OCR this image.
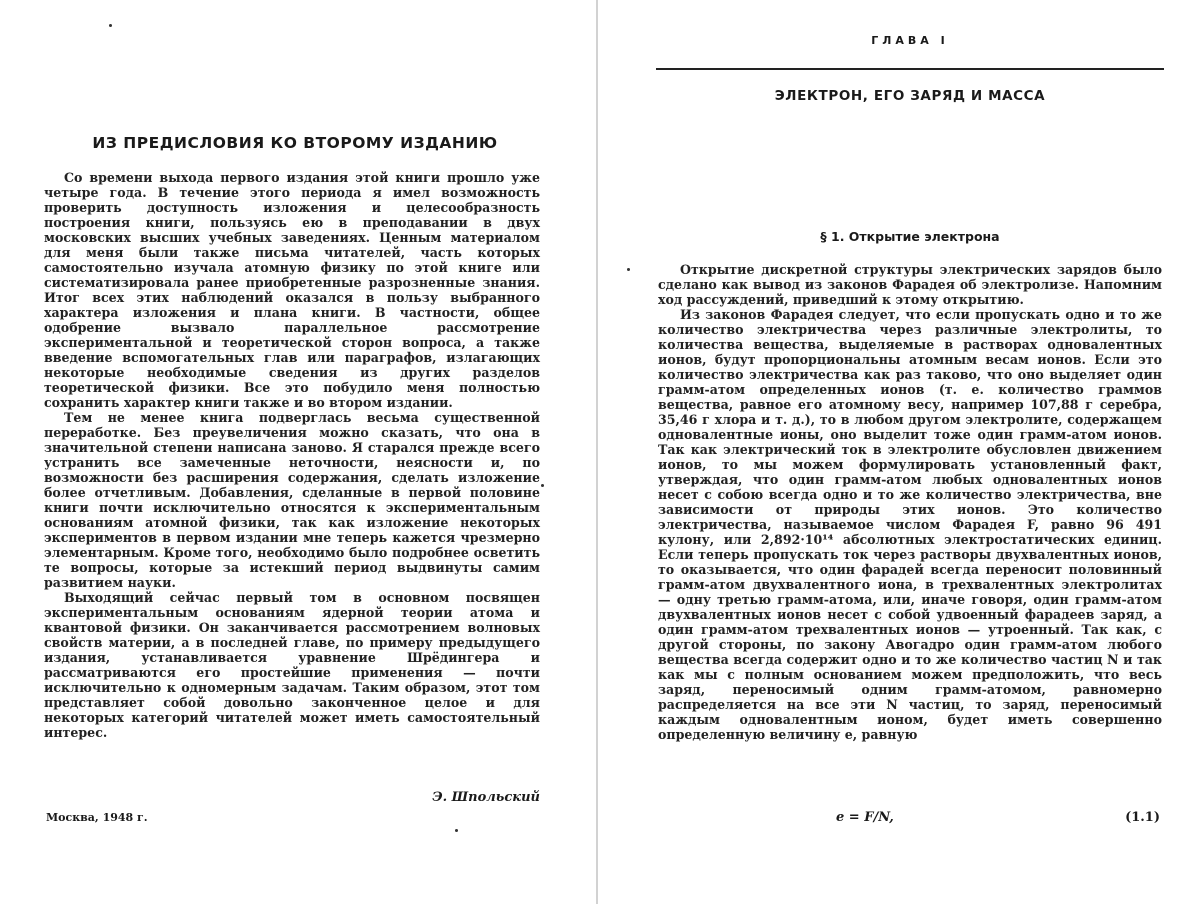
ИЗ ПРЕДИСЛОВИЯ КО ВТОРОМУ ИЗДАНИЮ

Со времени выхода первого издания этой книги прошло уже четыре года. В течение этого периода я имел возможность проверить доступность изложения и целесообразность построения книги, пользуясь ею в преподавании в двух московских высших учебных заведениях. Ценным материалом для меня были также письма читателей, часть которых самостоятельно изучала атомную физику по этой книге или систематизировала ранее приобретенные разрозненные знания. Итог всех этих наблюдений оказался в пользу выбранного характера изложения и плана книги. В частности, общее одобрение вызвало параллельное рассмотрение экспериментальной и теоретической сторон вопроса, а также введение вспомогательных глав или параграфов, излагающих некоторые необходимые сведения из других разделов теоретической физики. Все это побудило меня полностью сохранить характер книги также и во втором издании.

Тем не менее книга подверглась весьма существенной переработке. Без преувеличения можно сказать, что она в значительной степени написана заново. Я старался прежде всего устранить все замеченные неточности, неясности и, по возможности без расширения содержания, сделать изложение более отчетливым. Добавления, сделанные в первой половине книги почти исключительно относятся к экспериментальным основаниям атомной физики, так как изложение некоторых экспериментов в первом издании мне теперь кажется чрезмерно элементарным. Кроме того, необходимо было подробнее осветить те вопросы, которые за истекший период выдвинуты самим развитием науки.

Выходящий сейчас первый том в основном посвящен экспериментальным основаниям ядерной теории атома и квантовой физики. Он заканчивается рассмотрением волновых свойств материи, а в последней главе, по примеру предыдущего издания, устанавливается уравнение Шрёдингера и рассматриваются его простейшие применения — почти исключительно к одномерным задачам. Таким образом, этот том представляет собой довольно законченное целое и для некоторых категорий читателей может иметь самостоятельный интерес.

Э. Шпольский
Москва, 1948 г.
ГЛАВА I
ЭЛЕКТРОН, ЕГО ЗАРЯД И МАССА
§ 1. Открытие электрона

Открытие дискретной структуры электрических зарядов было сделано как вывод из законов Фарадея об электролизе. Напомним ход рассуждений, приведший к этому открытию.

Из законов Фарадея следует, что если пропускать одно и то же количество электричества через различные электролиты, то количества вещества, выделяемые в растворах одновалентных ионов, будут пропорциональны атомным весам ионов. Если это количество электричества как раз таково, что оно выделяет один грамм-атом определенных ионов (т. е. количество граммов вещества, равное его атомному весу, например 107,88 г серебра, 35,46 г хлора и т. д.), то в любом другом электролите, содержащем одновалентные ионы, оно выделит тоже один грамм-атом ионов. Так как электрический ток в электролите обусловлен движением ионов, то мы можем формулировать установленный факт, утверждая, что один грамм-атом любых одновалентных ионов несет с собою всегда одно и то же количество электричества, вне зависимости от природы этих ионов. Это количество электричества, называемое числом Фарадея F, равно 96 491 кулону, или 2,892·10¹⁴ абсолютных электростатических единиц. Если теперь пропускать ток через растворы двухвалентных ионов, то оказывается, что один фарадей всегда переносит половинный грамм-атом двухвалентного иона, в трехвалентных электролитах — одну третью грамм-атома, или, иначе говоря, один грамм-атом двухвалентных ионов несет с собой удвоенный фарадеев заряд, а один грамм-атом трехвалентных ионов — утроенный. Так как, с другой стороны, по закону Авогадро один грамм-атом любого вещества всегда содержит одно и то же количество частиц N и так как мы с полным основанием можем предположить, что весь заряд, переносимый одним грамм-атомом, равномерно распределяется на все эти N частиц, то заряд, переносимый каждым одновалентным ионом, будет иметь совершенно определенную величину e, равную

e = F/N,	(1.1)
